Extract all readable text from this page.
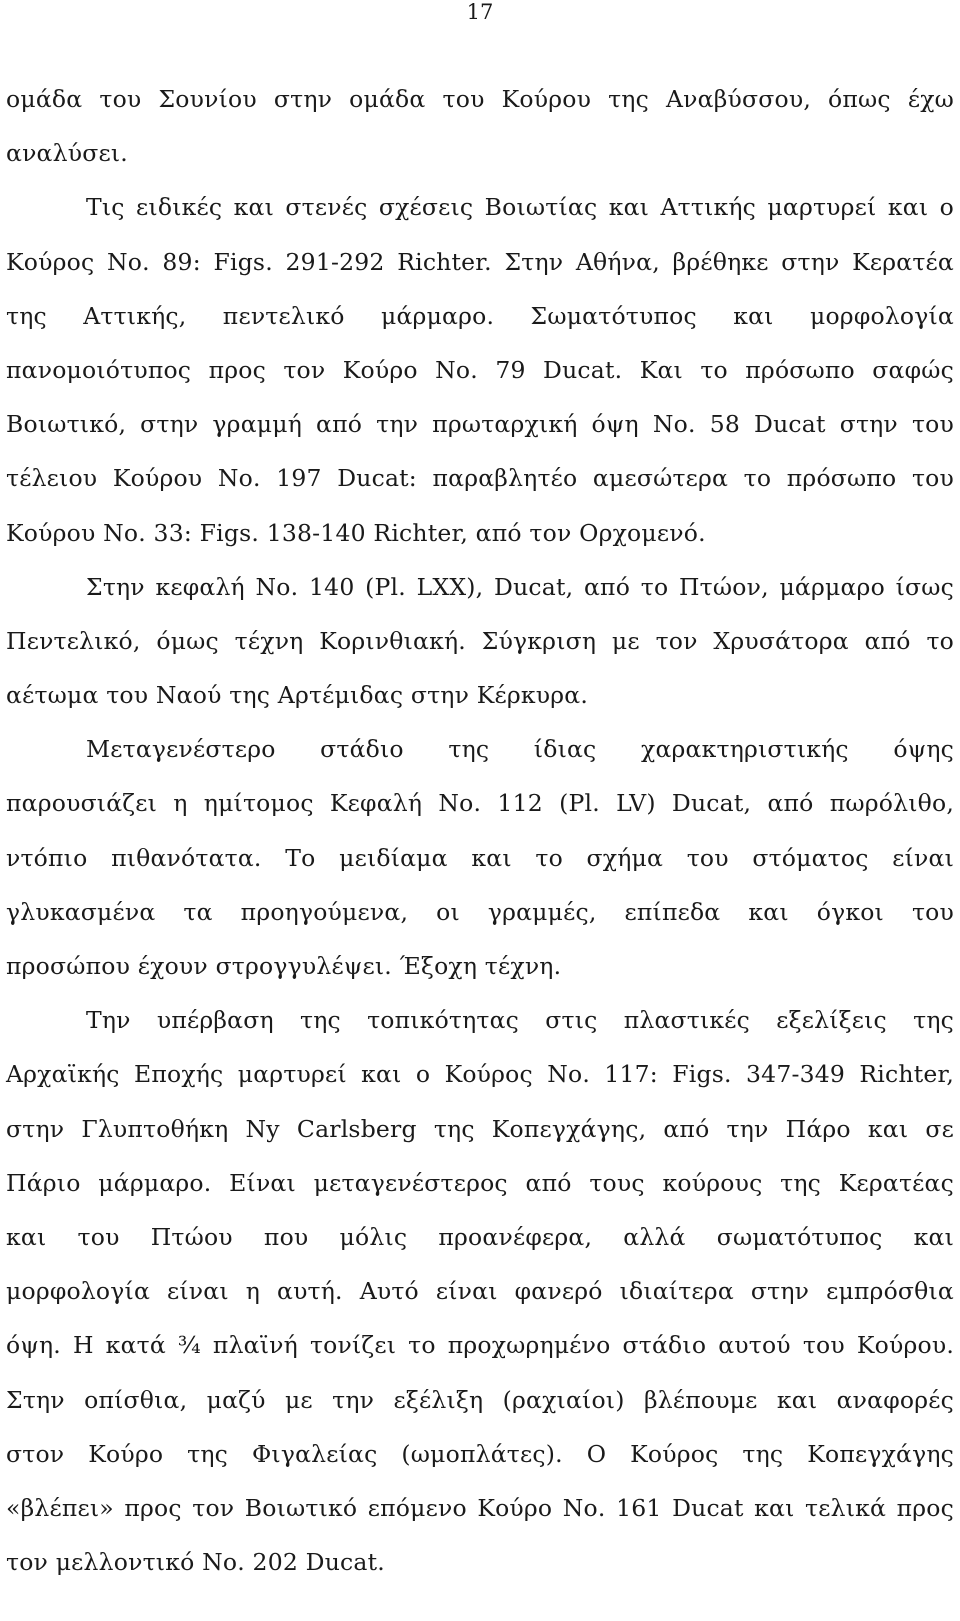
17
ομάδα του Σουνίου στην ομάδα του Κούρου της Αναβύσσου, όπως έχω
αναλύσει.
Τις ειδικές και στενές σχέσεις Βοιωτίας και Αττικής μαρτυρεί και ο
Κούρος Νο. 89: Figs. 291-292 Richter. Στην Αθήνα, βρέθηκε στην Κερατέα
της Αττικής, πεντελικό μάρμαρο. Σωματότυπος και μορφολογία
πανομοιότυπος προς τον Κούρο Νο. 79 Ducat. Και το πρόσωπο σαφώς
Βοιωτικό, στην γραμμή από την πρωταρχική όψη Νο. 58 Ducat στην του
τέλειου Κούρου Νο. 197 Ducat: παραβλητέο αμεσώτερα το πρόσωπο του
Κούρου Νο. 33: Figs. 138-140 Richter, από τον Ορχομενό.
Στην κεφαλή Νο. 140 (Pl. LXX), Ducat, από το Πτώον, μάρμαρο ίσως
Πεντελικό, όμως τέχνη Κορινθιακή. Σύγκριση με τον Χρυσάτορα από το
αέτωμα του Ναού της Αρτέμιδας στην Κέρκυρα.
Μεταγενέστερο στάδιο της ίδιας χαρακτηριστικής όψης
παρουσιάζει η ημίτομος Κεφαλή Νο. 112 (Pl. LV) Ducat, από πωρόλιθο,
ντόπιο πιθανότατα. Το μειδίαμα και το σχήμα του στόματος είναι
γλυκασμένα τα προηγούμενα, οι γραμμές, επίπεδα και όγκοι του
προσώπου έχουν στρογγυλέψει. Έξοχη τέχνη.
Την υπέρβαση της τοπικότητας στις πλαστικές εξελίξεις της
Αρχαϊκής Εποχής μαρτυρεί και ο Κούρος Νο. 117: Figs. 347-349 Richter,
στην Γλυπτοθήκη Ny Carlsberg της Κοπεγχάγης, από την Πάρο και σε
Πάριο μάρμαρο. Είναι μεταγενέστερος από τους κούρους της Κερατέας
και του Πτώου που μόλις προανέφερα, αλλά σωματότυπος και
μορφολογία είναι η αυτή. Αυτό είναι φανερό ιδιαίτερα στην εμπρόσθια
όψη. Η κατά ¾ πλαϊνή τονίζει το προχωρημένο στάδιο αυτού του Κούρου.
Στην οπίσθια, μαζύ με την εξέλιξη (ραχιαίοι) βλέπουμε και αναφορές
στον Κούρο της Φιγαλείας (ωμοπλάτες). Ο Κούρος της Κοπεγχάγης
«βλέπει» προς τον Βοιωτικό επόμενο Κούρο Νο. 161 Ducat και τελικά προς
τον μελλοντικό Νο. 202 Ducat.
